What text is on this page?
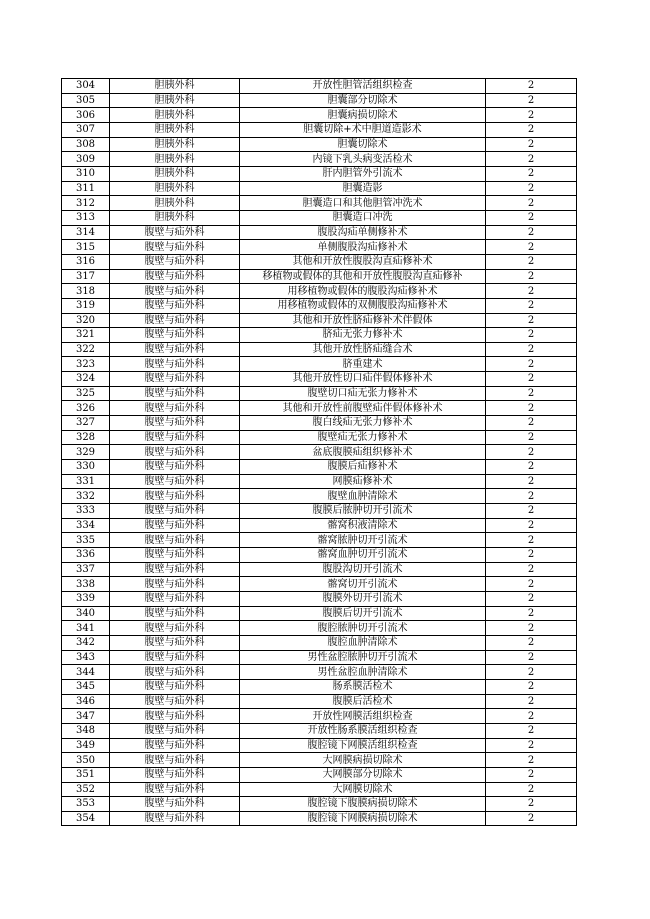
304	胆胰外科	开放性胆管活组织检查	2
305	胆胰外科	胆囊部分切除术	2
306	胆胰外科	胆囊病损切除术	2
307	胆胰外科	胆囊切除+术中胆道造影术	2
308	胆胰外科	胆囊切除术	2
309	胆胰外科	内镜下乳头病变活检术	2
310	胆胰外科	肝内胆管外引流术	2
311	胆胰外科	胆囊造影	2
312	胆胰外科	胆囊造口和其他胆管冲洗术	2
313	胆胰外科	胆囊造口冲洗	2
314	腹壁与疝外科	腹股沟疝单侧修补术	2
315	腹壁与疝外科	单侧腹股沟疝修补术	2
316	腹壁与疝外科	其他和开放性腹股沟直疝修补术	2
317	腹壁与疝外科	移植物或假体的其他和开放性腹股沟直疝修补	2
318	腹壁与疝外科	用移植物或假体的腹股沟疝修补术	2
319	腹壁与疝外科	用移植物或假体的双侧腹股沟疝修补术	2
320	腹壁与疝外科	其他和开放性脐疝修补术伴假体	2
321	腹壁与疝外科	脐疝无张力修补术	2
322	腹壁与疝外科	其他开放性脐疝缝合术	2
323	腹壁与疝外科	脐重建术	2
324	腹壁与疝外科	其他开放性切口疝伴假体修补术	2
325	腹壁与疝外科	腹壁切口疝无张力修补术	2
326	腹壁与疝外科	其他和开放性前腹壁疝伴假体修补术	2
327	腹壁与疝外科	腹白线疝无张力修补术	2
328	腹壁与疝外科	腹壁疝无张力修补术	2
329	腹壁与疝外科	盆底腹膜疝组织修补术	2
330	腹壁与疝外科	腹膜后疝修补术	2
331	腹壁与疝外科	网膜疝修补术	2
332	腹壁与疝外科	腹壁血肿清除术	2
333	腹壁与疝外科	腹膜后脓肿切开引流术	2
334	腹壁与疝外科	髂窝积液清除术	2
335	腹壁与疝外科	髂窝脓肿切开引流术	2
336	腹壁与疝外科	髂窝血肿切开引流术	2
337	腹壁与疝外科	腹股沟切开引流术	2
338	腹壁与疝外科	髂窝切开引流术	2
339	腹壁与疝外科	腹膜外切开引流术	2
340	腹壁与疝外科	腹膜后切开引流术	2
341	腹壁与疝外科	腹腔脓肿切开引流术	2
342	腹壁与疝外科	腹腔血肿清除术	2
343	腹壁与疝外科	男性盆腔脓肿切开引流术	2
344	腹壁与疝外科	男性盆腔血肿清除术	2
345	腹壁与疝外科	肠系膜活检术	2
346	腹壁与疝外科	腹膜后活检术	2
347	腹壁与疝外科	开放性网膜活组织检查	2
348	腹壁与疝外科	开放性肠系膜活组织检查	2
349	腹壁与疝外科	腹腔镜下网膜活组织检查	2
350	腹壁与疝外科	大网膜病损切除术	2
351	腹壁与疝外科	大网膜部分切除术	2
352	腹壁与疝外科	大网膜切除术	2
353	腹壁与疝外科	腹腔镜下腹膜病损切除术	2
354	腹壁与疝外科	腹腔镜下网膜病损切除术	2
